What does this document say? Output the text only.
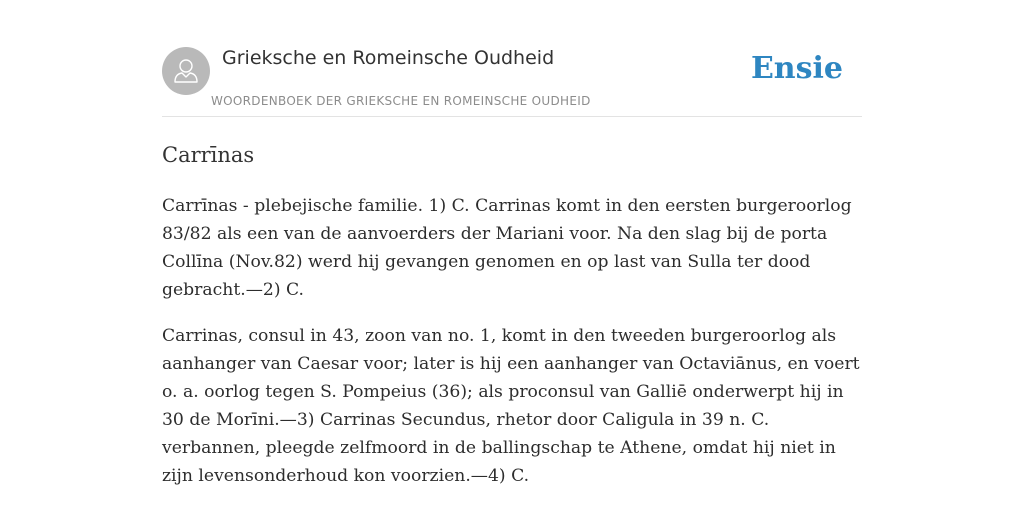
Grieksche en Romeinsche Oudheid
WOORDENBOEK DER GRIEKSCHE EN ROMEINSCHE OUDHEID
Ensie
Carrīnas

Carrīnas - plebejische familie. 1) C. Carrinas komt in den eersten burgeroorlog 83/82 als een van de aanvoerders der Mariani voor. Na den slag bij de porta Collīna (Nov.82) werd hij gevangen genomen en op last van Sulla ter dood gebracht.—2) C.

Carrinas, consul in 43, zoon van no. 1, komt in den tweeden burgeroorlog als aanhanger van Caesar voor; later is hij een aanhanger van Octaviānus, en voert o. a. oorlog tegen S. Pompeius (36); als proconsul van Galliē onderwerpt hij in 30 de Morīni.—3) Carrinas Secundus, rhetor door Caligula in 39 n. C. verbannen, pleegde zelfmoord in de ballingschap te Athene, omdat hij niet in zijn levensonderhoud kon voorzien.—4) C.
